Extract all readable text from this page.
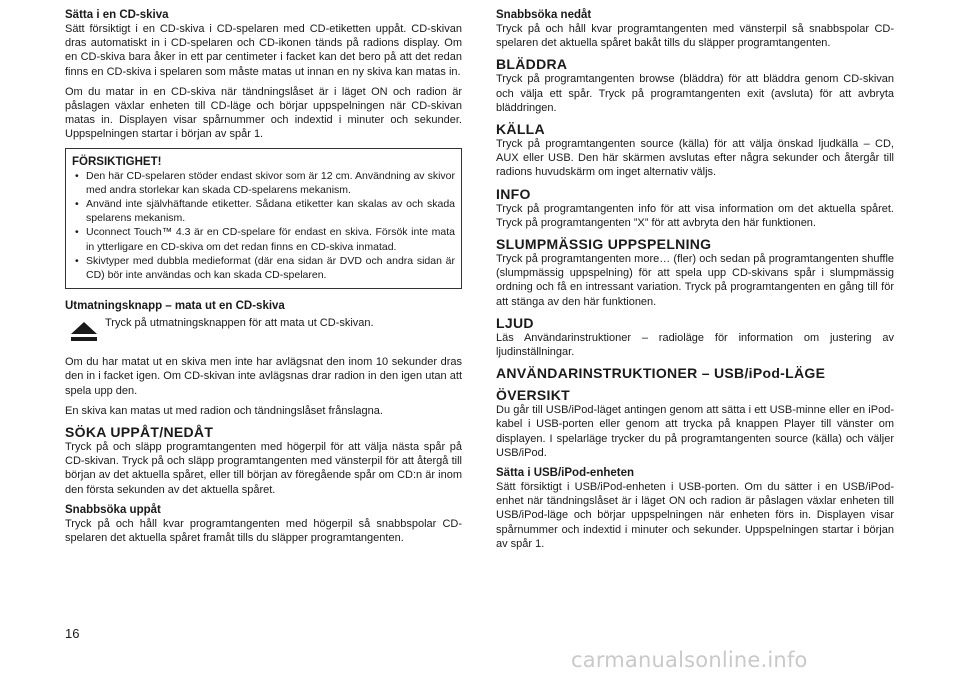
Sätta i en CD-skiva

Sätt försiktigt i en CD-skiva i CD-spelaren med CD-etiketten uppåt. CD-skivan dras automatiskt in i CD-spelaren och CD-ikonen tänds på radions display. Om en CD-skiva bara åker in ett par centimeter i facket kan det bero på att det redan finns en CD-skiva i spelaren som måste matas ut innan en ny skiva kan matas in.

Om du matar in en CD-skiva när tändningslåset är i läget ON och radion är påslagen växlar enheten till CD-läge och börjar uppspelningen när CD-skivan matas in. Displayen visar spårnummer och indextid i minuter och sekunder. Uppspelningen startar i början av spår 1.

FÖRSIKTIGHET!
• Den här CD-spelaren stöder endast skivor som är 12 cm. Användning av skivor med andra storlekar kan skada CD-spelarens mekanism.
• Använd inte självhäftande etiketter. Sådana etiketter kan skalas av och skada spelarens mekanism.
• Uconnect Touch™ 4.3 är en CD-spelare för endast en skiva. Försök inte mata in ytterligare en CD-skiva om det redan finns en CD-skiva inmatad.
• Skivtyper med dubbla medieformat (där ena sidan är DVD och andra sidan är CD) bör inte användas och kan skada CD-spelaren.
Utmatningsknapp – mata ut en CD-skiva
Tryck på utmatningsknappen för att mata ut CD-skivan.

Om du har matat ut en skiva men inte har avlägsnat den inom 10 sekunder dras den in i facket igen. Om CD-skivan inte avlägsnas drar radion in den igen utan att spela upp den.

En skiva kan matas ut med radion och tändningslåset frånslagna.

SÖKA UPPÅT/NEDÅT

Tryck på och släpp programtangenten med högerpil för att välja nästa spår på CD-skivan. Tryck på och släpp programtangenten med vänsterpil för att återgå till början av det aktuella spåret, eller till början av föregående spår om CD:n är inom den första sekunden av det aktuella spåret.

Snabbsöka uppåt

Tryck på och håll kvar programtangenten med högerpil så snabbspolar CD-spelaren det aktuella spåret framåt tills du släpper programtangenten.

Snabbsöka nedåt

Tryck på och håll kvar programtangenten med vänsterpil så snabbspolar CD-spelaren det aktuella spåret bakåt tills du släpper programtangenten.

BLÄDDRA

Tryck på programtangenten browse (bläddra) för att bläddra genom CD-skivan och välja ett spår. Tryck på programtangenten exit (avsluta) för att avbryta bläddringen.

KÄLLA

Tryck på programtangenten source (källa) för att välja önskad ljudkälla – CD, AUX eller USB. Den här skärmen avslutas efter några sekunder och återgår till radions huvudskärm om inget alternativ väljs.

INFO

Tryck på programtangenten info för att visa information om det aktuella spåret. Tryck på programtangenten ”X” för att avbryta den här funktionen.

SLUMPMÄSSIG UPPSPELNING

Tryck på programtangenten more… (fler) och sedan på programtangenten shuffle (slumpmässig uppspelning) för att spela upp CD-skivans spår i slumpmässig ordning och få en intressant variation. Tryck på programtangenten en gång till för att stänga av den här funktionen.

LJUD

Läs Användarinstruktioner – radioläge för information om justering av ljudinställningar.

ANVÄNDARINSTRUKTIONER – USB/iPod-LÄGE
ÖVERSIKT

Du går till USB/iPod-läget antingen genom att sätta i ett USB-minne eller en iPod-kabel i USB-porten eller genom att trycka på knappen Player till vänster om displayen. I spelarläge trycker du på programtangenten source (källa) och väljer USB/iPod.

Sätta i USB/iPod-enheten

Sätt försiktigt i USB/iPod-enheten i USB-porten. Om du sätter i en USB/iPod-enhet när tändningslåset är i läget ON och radion är påslagen växlar enheten till USB/iPod-läge och börjar uppspelningen när enheten förs in. Displayen visar spårnummer och indextid i minuter och sekunder. Uppspelningen startar i början av spår 1.

16
carmanualsonline.info
